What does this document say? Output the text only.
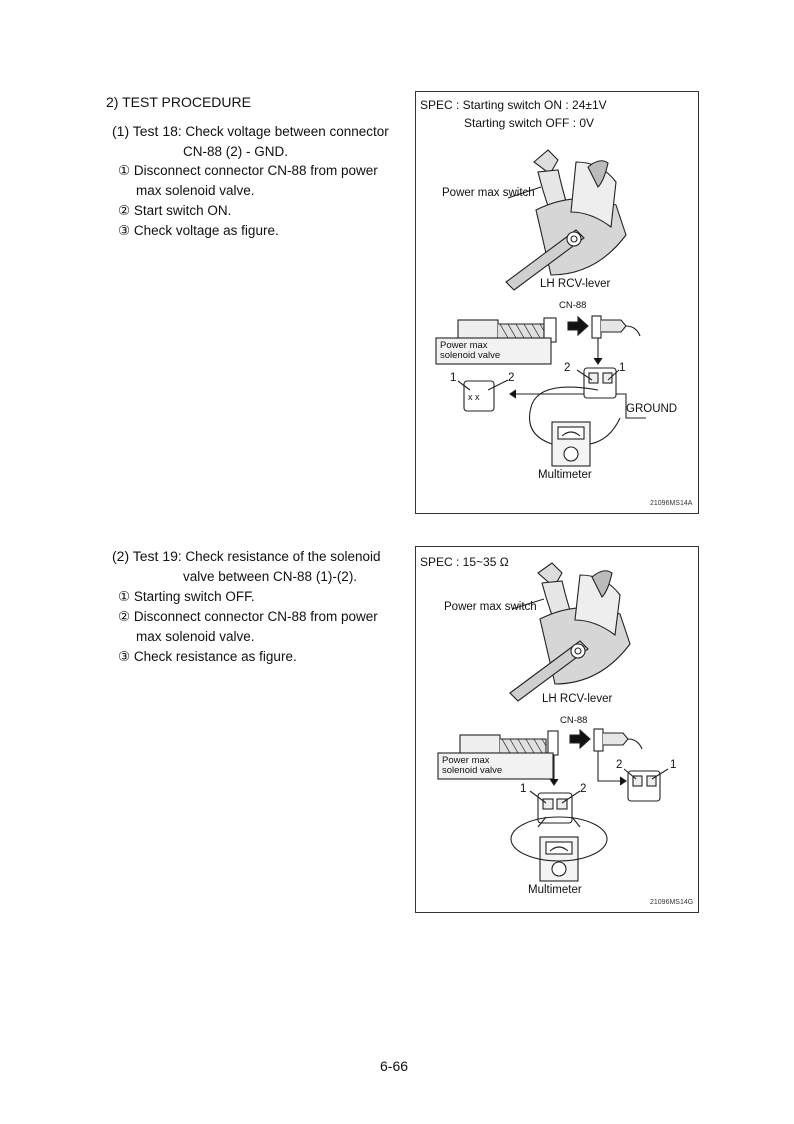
2) TEST PROCEDURE
(1) Test 18: Check voltage between connector
CN-88 (2) - GND.
① Disconnect connector CN-88 from power
max solenoid valve.
② Start switch ON.
③ Check voltage as figure.
x x
SPEC : Starting switch ON : 24±1V
Starting switch OFF : 0V
Power max switch
LH RCV-lever
CN-88
Power max
solenoid valve
2	1
1	2
GROUND
Multimeter
21096MS14A
(2) Test 19: Check resistance of the solenoid
valve between CN-88 (1)-(2).
① Starting switch OFF.
② Disconnect connector CN-88 from power
max solenoid valve.
③ Check resistance as figure.
SPEC : 15~35 Ω
Power max switch
LH RCV-lever
CN-88
Power max
solenoid valve	2	1
1	2
Multimeter
21096MS14G
6-66
